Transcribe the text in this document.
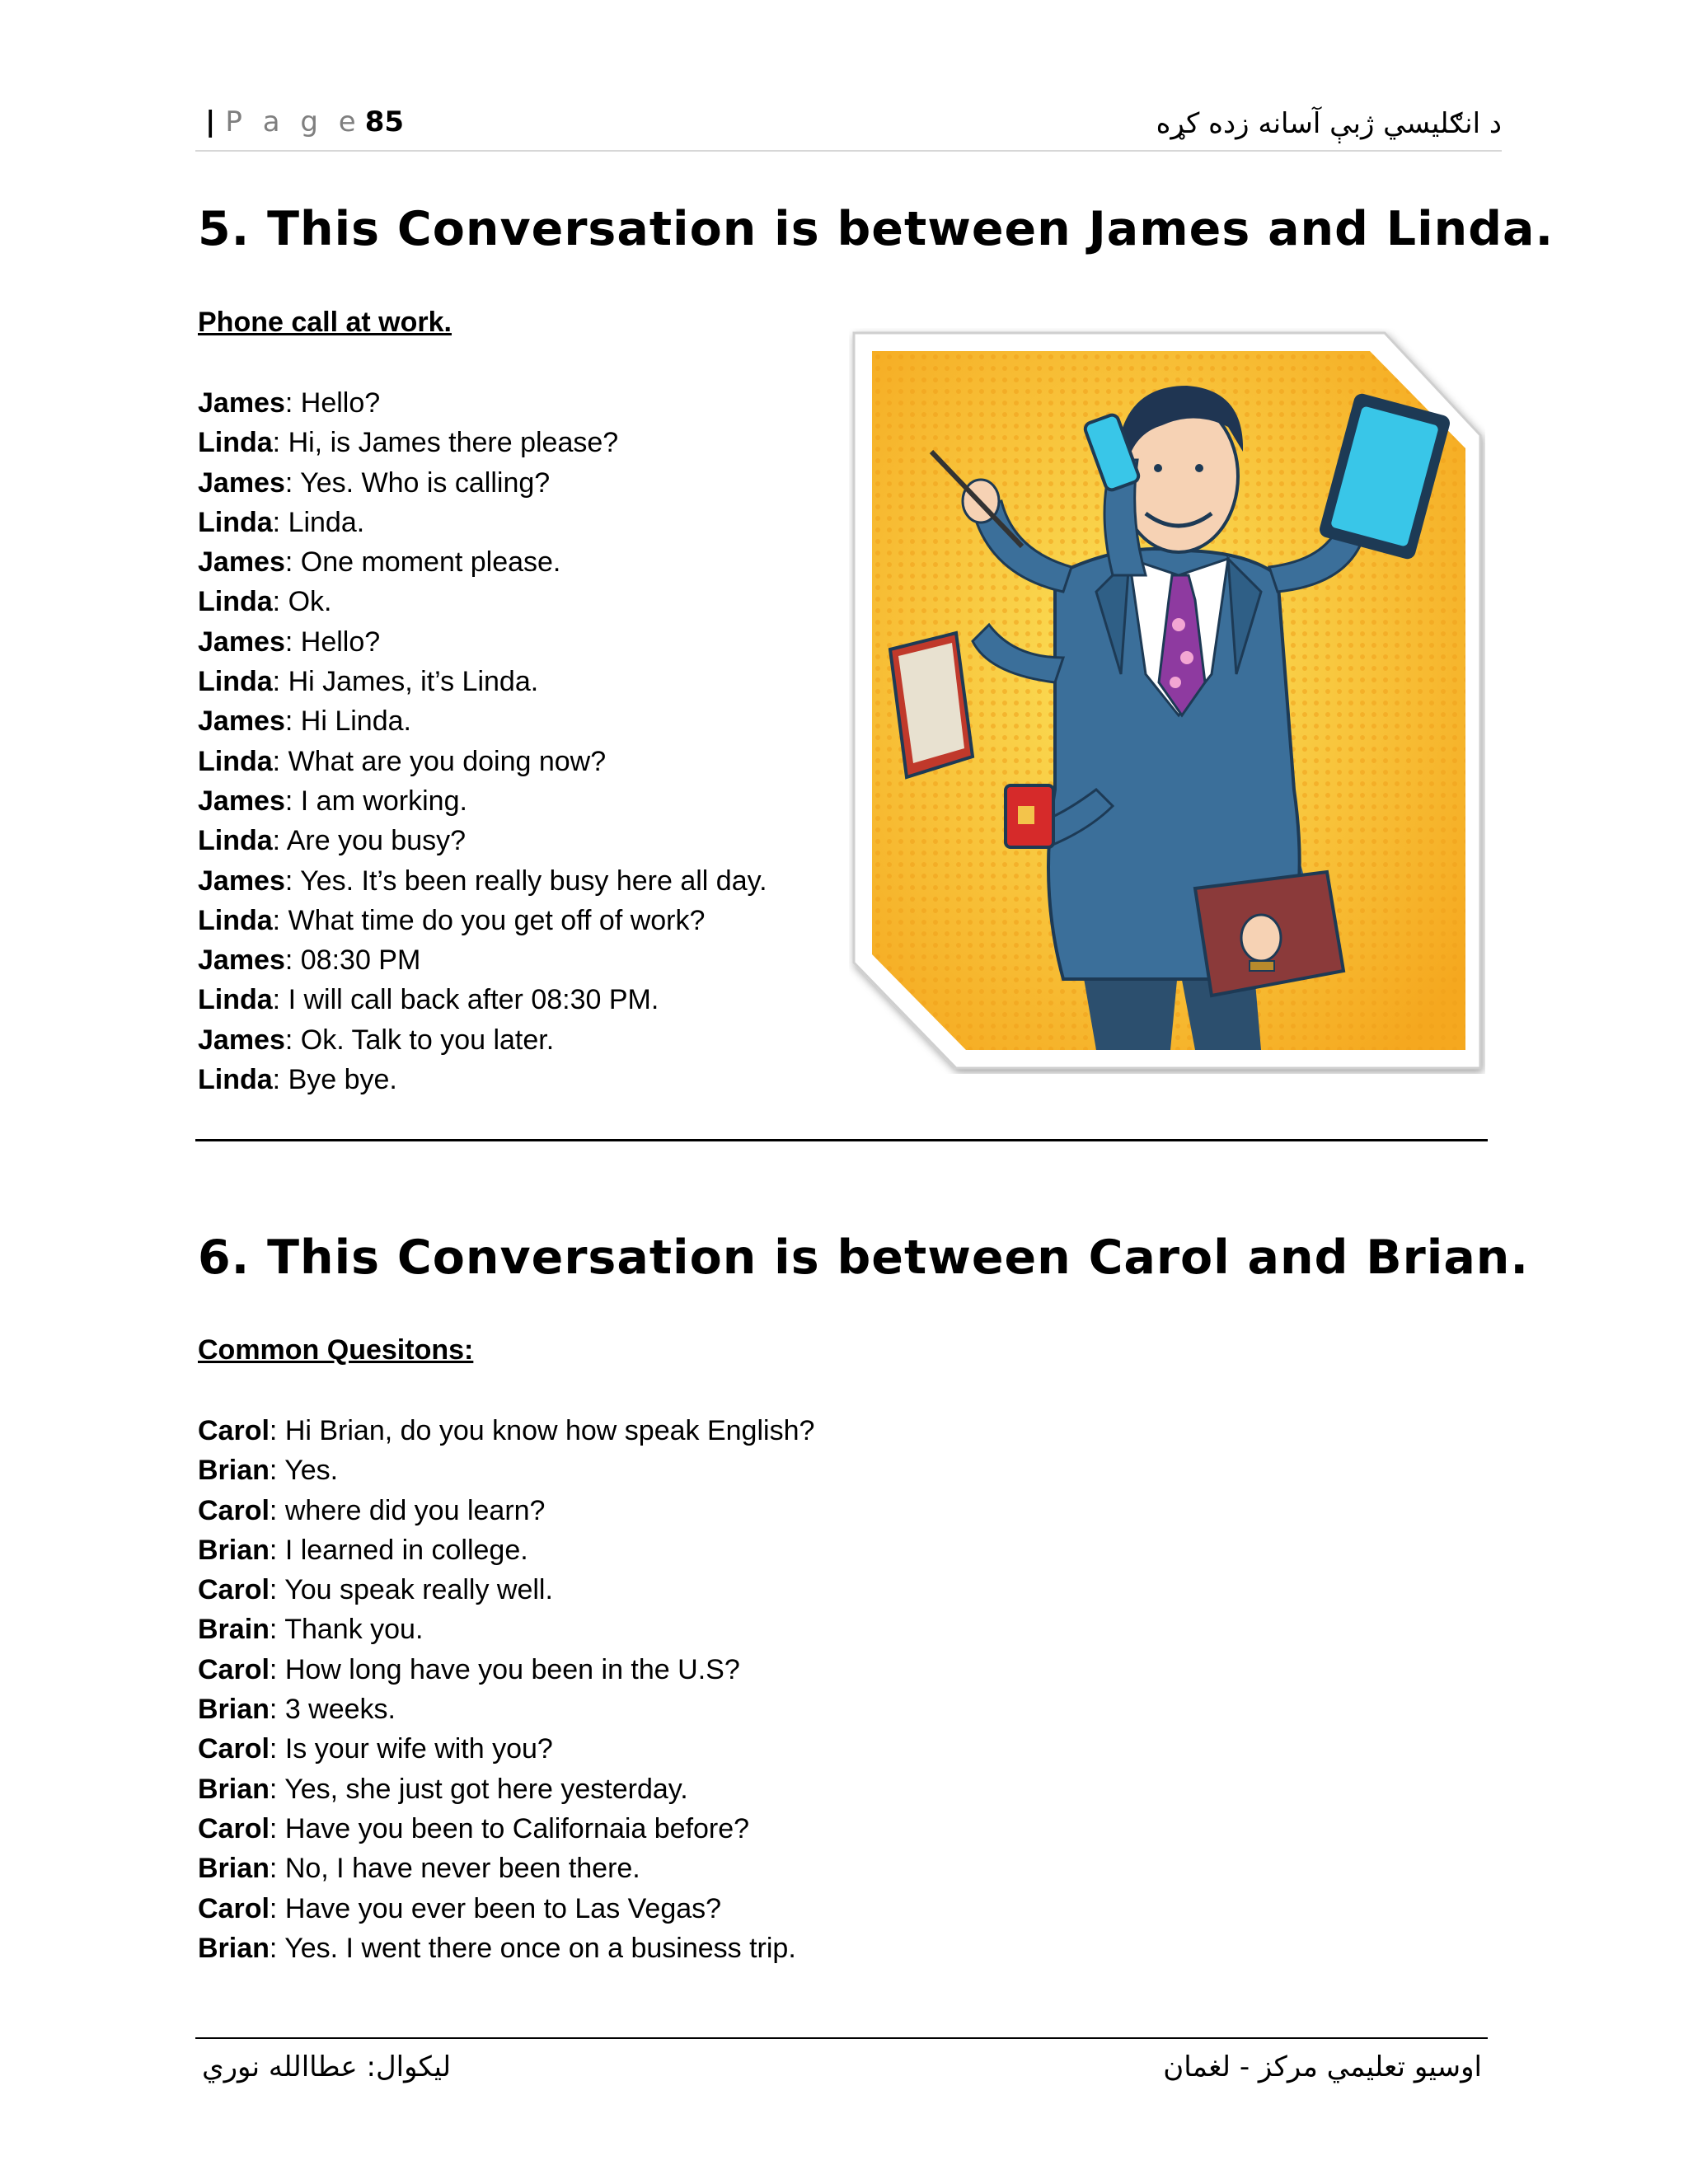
| P a g e 85	د انګلیسي ژبې آسانه زده کړه
5. This Conversation is between James and Linda.
Phone call at work.
James: Hello?
Linda: Hi, is James there please?
James: Yes. Who is calling?
Linda: Linda.
James: One moment please.
Linda: Ok.
James: Hello?
Linda: Hi James, it’s Linda.
James: Hi Linda.
Linda: What are you doing now?
James: I am working.
Linda: Are you busy?
James: Yes. It’s been really busy here all day.
Linda: What time do you get off of work?
James: 08:30 PM
Linda: I will call back after 08:30 PM.
James: Ok. Talk to you later.
Linda: Bye bye.
6. This Conversation is between Carol and Brian.
Common Quesitons:
Carol: Hi Brian, do you know how speak English?
Brian: Yes.
Carol: where did you learn?
Brian: I learned in college.
Carol: You speak really well.
Brain: Thank you.
Carol: How long have you been in the U.S?
Brian: 3 weeks.
Carol: Is your wife with you?
Brian: Yes, she just got here yesterday.
Carol: Have you been to Californaia before?
Brian: No, I have never been there.
Carol: Have you ever been to Las Vegas?
Brian: Yes. I went there once on a business trip.
لیکوال: عطاالله نوري	اوسیو تعلیمي مرکز - لغمان
